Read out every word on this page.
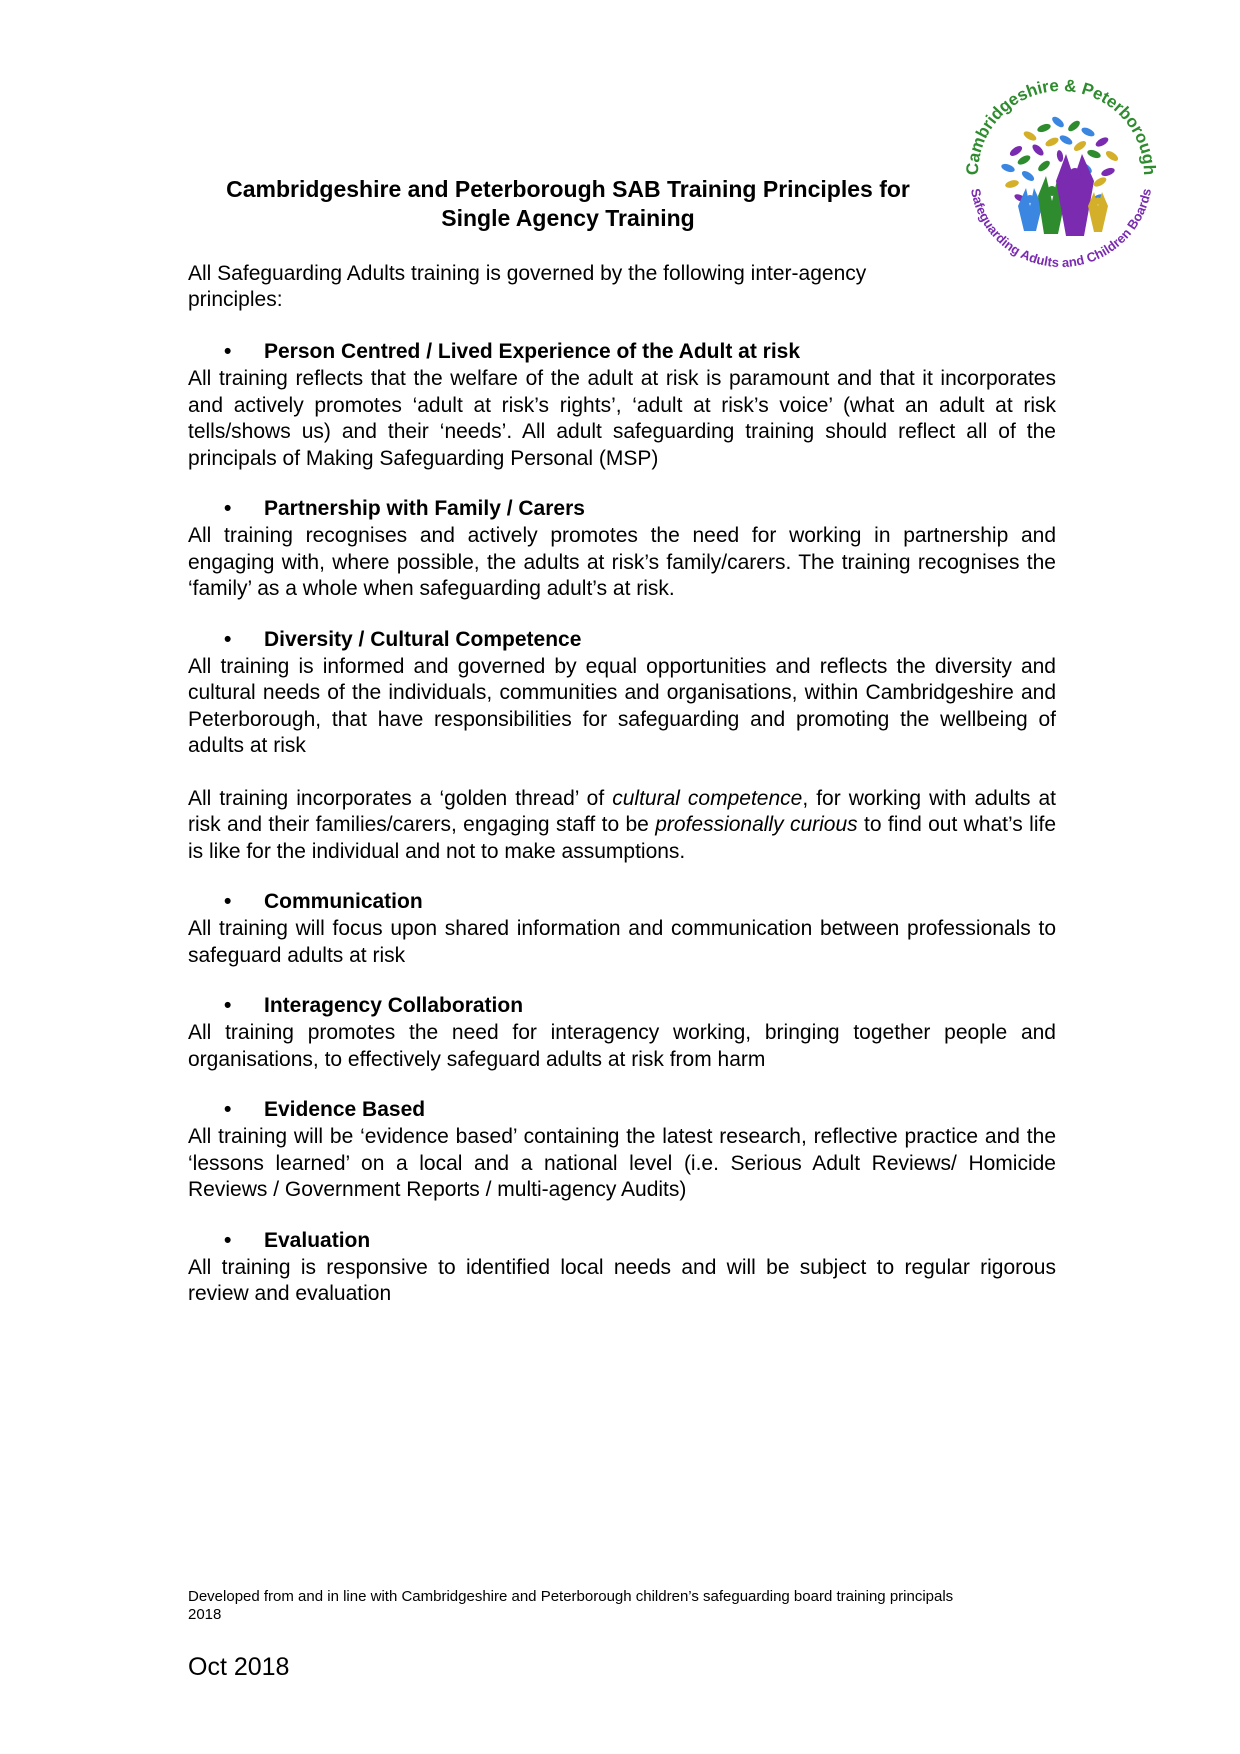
Cambridgeshire & Peterborough
Safeguarding Adults and Children Boards
Cambridgeshire and Peterborough SAB Training Principles for
Single Agency Training
All Safeguarding Adults training is governed by the following inter-agency principles:
• Person Centred / Lived Experience of the Adult at risk
All training reflects that the welfare of the adult at risk is paramount and that it incorporates and actively promotes ‘adult at risk’s rights’, ‘adult at risk’s voice’ (what an adult at risk tells/shows us) and their ‘needs’. All adult safeguarding training should reflect all of the principals of Making Safeguarding Personal (MSP)
• Partnership with Family / Carers
All training recognises and actively promotes the need for working in partnership and engaging with, where possible, the adults at risk’s family/carers. The training recognises the ‘family’ as a whole when safeguarding adult’s at risk.
• Diversity / Cultural Competence
All training is informed and governed by equal opportunities and reflects the diversity and cultural needs of the individuals, communities and organisations, within Cambridgeshire and Peterborough, that have responsibilities for safeguarding and promoting the wellbeing of adults at risk
All training incorporates a ‘golden thread’ of cultural competence, for working with adults at risk and their families/carers, engaging staff to be professionally curious to find out what’s life is like for the individual and not to make assumptions.
• Communication
All training will focus upon shared information and communication between professionals to safeguard adults at risk
• Interagency Collaboration
All training promotes the need for interagency working, bringing together people and organisations, to effectively safeguard adults at risk from harm
• Evidence Based
All training will be ‘evidence based’ containing the latest research, reflective practice and the ‘lessons learned’ on a local and a national level (i.e. Serious Adult Reviews/ Homicide Reviews / Government Reports / multi-agency Audits)
• Evaluation
All training is responsive to identified local needs and will be subject to regular rigorous review and evaluation
Developed from and in line with Cambridgeshire and Peterborough children’s safeguarding board training principals
2018
Oct 2018
